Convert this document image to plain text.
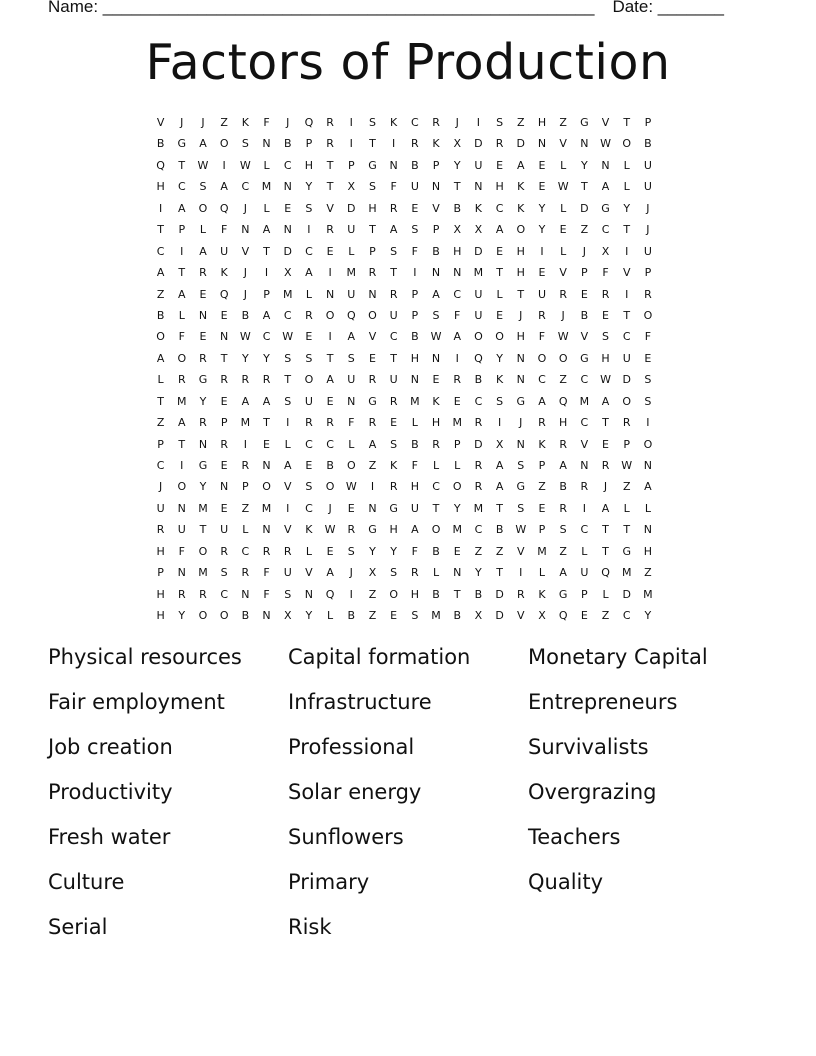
Name: ____________________________________________________ Date: _______
Factors of Production
V	J	J	Z	K	F	J	Q	R	I	S	K	C	R	J	I	S	Z	H	Z	G	V	T	P
B	G	A	O	S	N	B	P	R	I	T	I	R	K	X	D	R	D	N	V	N	W	O	B
Q	T	W	I	W	L	C	H	T	P	G	N	B	P	Y	U	E	A	E	L	Y	N	L	U
H	C	S	A	C	M	N	Y	T	X	S	F	U	N	T	N	H	K	E	W	T	A	L	U
I	A	O	Q	J	L	E	S	V	D	H	R	E	V	B	K	C	K	Y	L	D	G	Y	J
T	P	L	F	N	A	N	I	R	U	T	A	S	P	X	X	A	O	Y	E	Z	C	T	J
C	I	A	U	V	T	D	C	E	L	P	S	F	B	H	D	E	H	I	L	J	X	I	U
A	T	R	K	J	I	X	A	I	M	R	T	I	N	N	M	T	H	E	V	P	F	V	P
Z	A	E	Q	J	P	M	L	N	U	N	R	P	A	C	U	L	T	U	R	E	R	I	R
B	L	N	E	B	A	C	R	O	Q	O	U	P	S	F	U	E	J	R	J	B	E	T	O
O	F	E	N	W	C	W	E	I	A	V	C	B	W	A	O	O	H	F	W	V	S	C	F
A	O	R	T	Y	Y	S	S	T	S	E	T	H	N	I	Q	Y	N	O	O	G	H	U	E
L	R	G	R	R	R	T	O	A	U	R	U	N	E	R	B	K	N	C	Z	C	W	D	S
T	M	Y	E	A	A	S	U	E	N	G	R	M	K	E	C	S	G	A	Q	M	A	O	S
Z	A	R	P	M	T	I	R	R	F	R	E	L	H	M	R	I	J	R	H	C	T	R	I
P	T	N	R	I	E	L	C	C	L	A	S	B	R	P	D	X	N	K	R	V	E	P	O
C	I	G	E	R	N	A	E	B	O	Z	K	F	L	L	R	A	S	P	A	N	R	W	N
J	O	Y	N	P	O	V	S	O	W	I	R	H	C	O	R	A	G	Z	B	R	J	Z	A
U	N	M	E	Z	M	I	C	J	E	N	G	U	T	Y	M	T	S	E	R	I	A	L	L
R	U	T	U	L	N	V	K	W	R	G	H	A	O	M	C	B	W	P	S	C	T	T	N
H	F	O	R	C	R	R	L	E	S	Y	Y	F	B	E	Z	Z	V	M	Z	L	T	G	H
P	N	M	S	R	F	U	V	A	J	X	S	R	L	N	Y	T	I	L	A	U	Q	M	Z
H	R	R	C	N	F	S	N	Q	I	Z	O	H	B	T	B	D	R	K	G	P	L	D	M
H	Y	O	O	B	N	X	Y	L	B	Z	E	S	M	B	X	D	V	X	Q	E	Z	C	Y
Physical resources	Capital formation	Monetary Capital
Fair employment	Infrastructure	Entrepreneurs
Job creation	Professional	Survivalists
Productivity	Solar energy	Overgrazing
Fresh water	Sunflowers	Teachers
Culture	Primary	Quality
Serial	Risk
